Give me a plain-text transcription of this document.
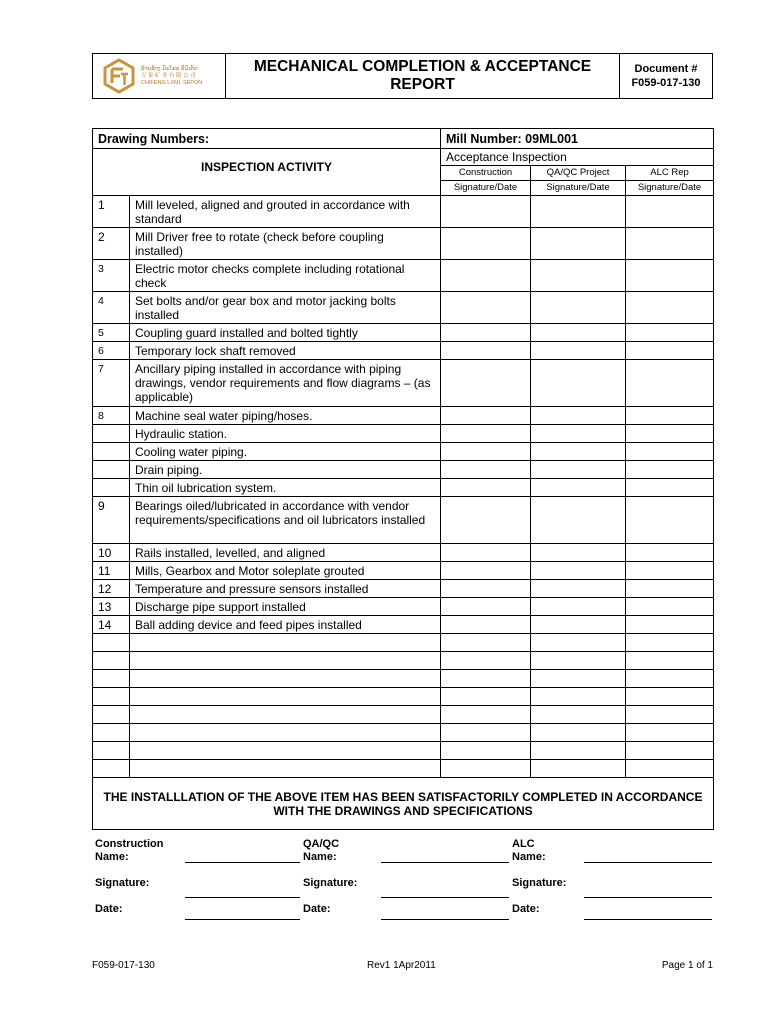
ລ້ານຊ້າງ ມິນໂຣລ ລີມິເຕັດ
万 象 矿 业 有 限 公 司
CHIFENG LXML SEPON
MECHANICAL COMPLETION & ACCEPTANCE
REPORT
Document #
F059-017-130
Drawing Numbers:		Mill Number: 09ML001		
INSPECTION ACTIVITY		Acceptance Inspection		
		Construction	QA/QC Project	ALC Rep
		Signature/Date	Signature/Date	Signature/Date
1	Mill leveled, aligned and grouted in accordance with standard			
2	Mill Driver free to rotate (check before coupling installed)			
3	Electric motor checks complete including rotational check			
4	Set bolts and/or gear box and motor jacking bolts installed			
5	Coupling guard installed and bolted tightly			
6	Temporary lock shaft removed			
7	Ancillary piping installed in accordance with piping drawings, vendor requirements and flow diagrams – (as applicable)			
8	Machine seal water piping/hoses.			
	Hydraulic station.			
	Cooling water piping.			
	Drain piping.			
	Thin oil lubrication system.			
9	Bearings oiled/lubricated in accordance with vendor requirements/specifications and oil lubricators installed			
10	Rails installed, levelled, and aligned			
11	Mills, Gearbox and Motor soleplate grouted			
12	Temperature and pressure sensors installed			
13	Discharge pipe support installed			
14	Ball adding device and feed pipes installed			

THE INSTALLLATION OF THE ABOVE ITEM HAS BEEN SATISFACTORILY COMPLETED IN ACCORDANCE WITH THE DRAWINGS AND SPECIFICATIONS				
Construction
Name:
Signature:
Date:
QA/QC
Name:
Signature:
Date:
ALC
Name:
Signature:
Date:
F059-017-130	Rev1 1Apr2011	Page 1 of 1
